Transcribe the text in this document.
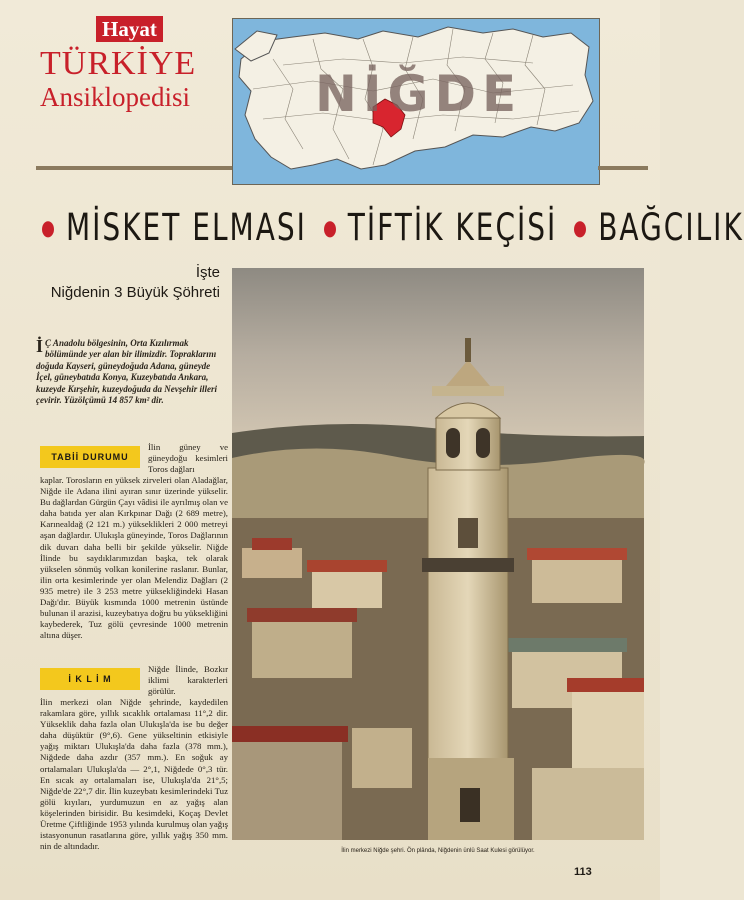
Hayat
TÜRKİYE
Ansiklopedisi	NİĞDE
MİSKET ELMASI TİFTİK KEÇİSİ BAĞCILIK
İşte
Niğdenin 3 Büyük Şöhreti
İ Ç Anadolu bölgesinin, Orta Kızılırmak bölümünde yer alan bir ilimizdir. Topraklarını doğuda Kayseri, güneydoğuda Adana, güneyde İçel, güneybatıda Konya, Kuzeybatıda Ankara, kuzeyde Kırşehir, kuzeydoğuda da Nevşehir illeri çevirir. Yüzölçümü 14 857 km² dir.
TABİİ DURUMU
İlin güney ve güneydoğu kesimleri Toros dağları
kaplar. Torosların en yüksek zirveleri olan Aladağlar, Niğde ile Adana ilini ayıran sınır üzerinde yükselir. Bu dağlardan Gürgün Çayı vâdisi ile ayrılmış olan ve daha batıda yer alan Kırkpınar Dağı (2 689 metre), Karınealdağ (2 121 m.) yükseklikleri 2 000 metreyi aşan dağlardır. Ulukışla güneyinde, Toros Dağlarının dik duvarı daha belli bir şekilde yükselir. Niğde İlinde bu saydıklarımızdan başka, tek olarak yükselen sönmüş volkan konilerine raslanır. Bunlar, ilin orta kesimlerinde yer olan Melendiz Dağları (2 935 metre) ile 3 253 metre yüksekliğindeki Hasan Dağı'dır. Büyük kısmında 1000 metrenin üstünde bulunan il arazisi, kuzeybatıya doğru bu yüksekliğini kaybederek, Tuz gölü çevresinde 1000 metrenin altına düşer.
İ K L İ M
Niğde İlinde, Bozkır iklimi karakterleri görülür.
İlin merkezi olan Niğde şehrinde, kaydedilen rakamlara göre, yıllık sıcaklık ortalaması 11°,2 dir. Yükseklik daha fazla olan Ulukışla'da ise bu değer daha düşüktür (9°,6). Gene yükseltinin etkisiyle yağış miktarı Ulukışla'da daha fazla (378 mm.), Niğdede daha azdır (357 mm.). En soğuk ay ortalamaları Ulukışla'da — 2°,1, Niğdede 0°,3 tür. En sıcak ay ortalamaları ise, Ulukışla'da 21°,5; Niğde'de 22°,7 dir. İlin kuzeybatı kesimlerindeki Tuz gölü kıyıları, yurdumuzun en az yağış alan köşelerinden birisidir. Bu kesimdeki, Koçaş Devlet Üretme Çiftliğinde 1953 yılında kurulmuş olan yağış istasyonunun rasatlarına göre, yıllık yağış 350 mm. nin de altındadır.	İlin merkezi Niğde şehri. Ön plânda, Niğdenin ünlü Saat Kulesi görülüyor.
113
